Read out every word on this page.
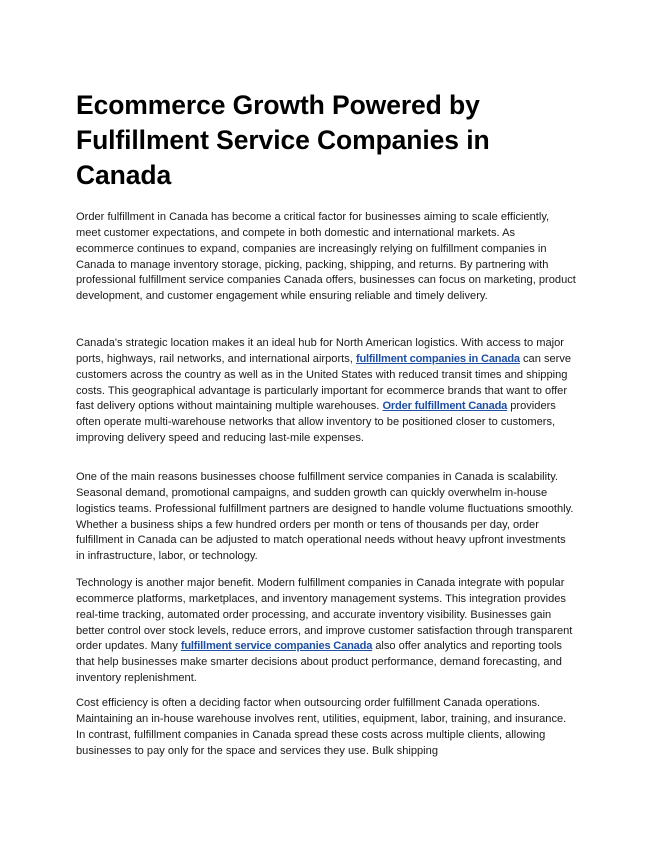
Ecommerce Growth Powered by Fulfillment Service Companies in Canada

Order fulfillment in Canada has become a critical factor for businesses aiming to scale efficiently, meet customer expectations, and compete in both domestic and international markets. As ecommerce continues to expand, companies are increasingly relying on fulfillment companies in Canada to manage inventory storage, picking, packing, shipping, and returns. By partnering with professional fulfillment service companies Canada offers, businesses can focus on marketing, product development, and customer engagement while ensuring reliable and timely delivery.

Canada's strategic location makes it an ideal hub for North American logistics. With access to major ports, highways, rail networks, and international airports, fulfillment companies in Canada can serve customers across the country as well as in the United States with reduced transit times and shipping costs. This geographical advantage is particularly important for ecommerce brands that want to offer fast delivery options without maintaining multiple warehouses. Order fulfillment Canada providers often operate multi-warehouse networks that allow inventory to be positioned closer to customers, improving delivery speed and reducing last-mile expenses.

One of the main reasons businesses choose fulfillment service companies in Canada is scalability. Seasonal demand, promotional campaigns, and sudden growth can quickly overwhelm in-house logistics teams. Professional fulfillment partners are designed to handle volume fluctuations smoothly. Whether a business ships a few hundred orders per month or tens of thousands per day, order fulfillment in Canada can be adjusted to match operational needs without heavy upfront investments in infrastructure, labor, or technology.

Technology is another major benefit. Modern fulfillment companies in Canada integrate with popular ecommerce platforms, marketplaces, and inventory management systems. This integration provides real-time tracking, automated order processing, and accurate inventory visibility. Businesses gain better control over stock levels, reduce errors, and improve customer satisfaction through transparent order updates. Many fulfillment service companies Canada also offer analytics and reporting tools that help businesses make smarter decisions about product performance, demand forecasting, and inventory replenishment.

Cost efficiency is often a deciding factor when outsourcing order fulfillment Canada operations. Maintaining an in-house warehouse involves rent, utilities, equipment, labor, training, and insurance. In contrast, fulfillment companies in Canada spread these costs across multiple clients, allowing businesses to pay only for the space and services they use. Bulk shipping
